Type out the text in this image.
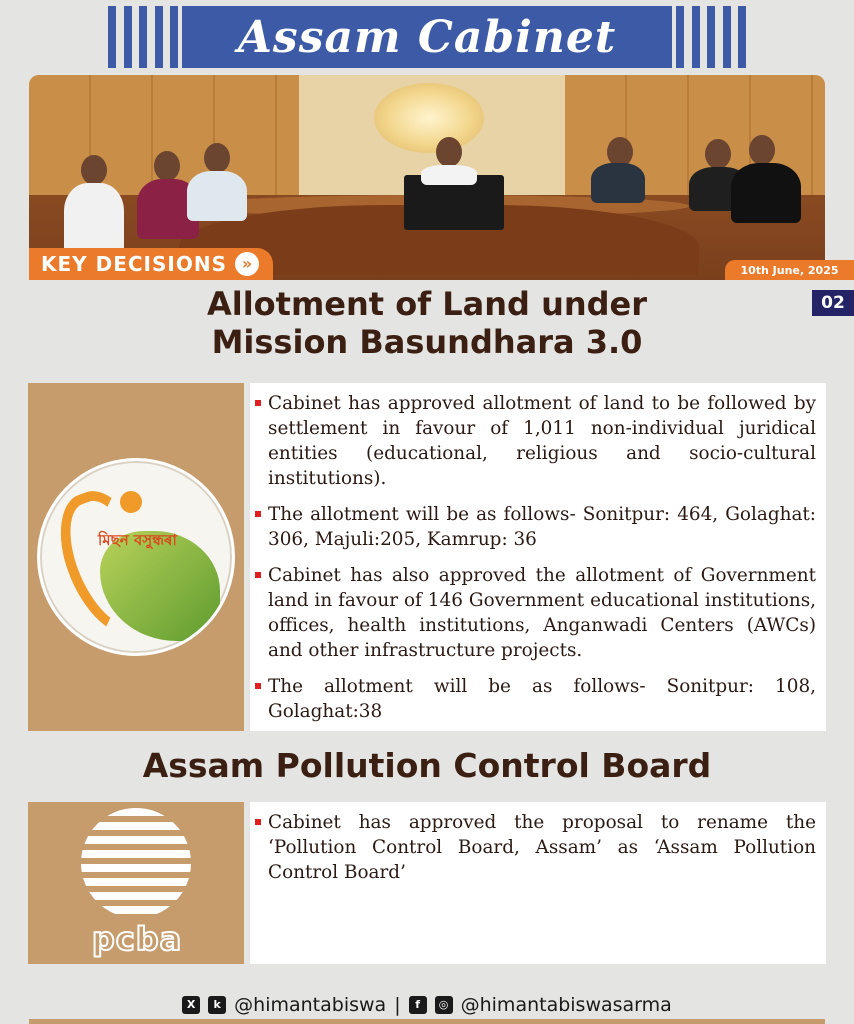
Assam Cabinet
KEY DECISIONS »	10th June, 2025
02
Allotment of Land under
Mission Basundhara 3.0
মিছন বসুন্ধৰা

Cabinet has approved allotment of land to be followed by settlement in favour of 1,011 non-individual juridical entities (educational, religious and socio-cultural institutions).

The allotment will be as follows- Sonitpur: 464, Golaghat: 306, Majuli:205, Kamrup: 36

Cabinet has also approved the allotment of Government land in favour of 146 Government educational institutions, offices, health institutions, Anganwadi Centers (AWCs) and other infrastructure projects.

The allotment will be as follows- Sonitpur: 108, Golaghat:38

Assam Pollution Control Board
pcba

Cabinet has approved the proposal to rename the ‘Pollution Control Board, Assam’ as ‘Assam Pollution Control Board’

X	k @himantabiswa |	f	◎ @himantabiswasarma
